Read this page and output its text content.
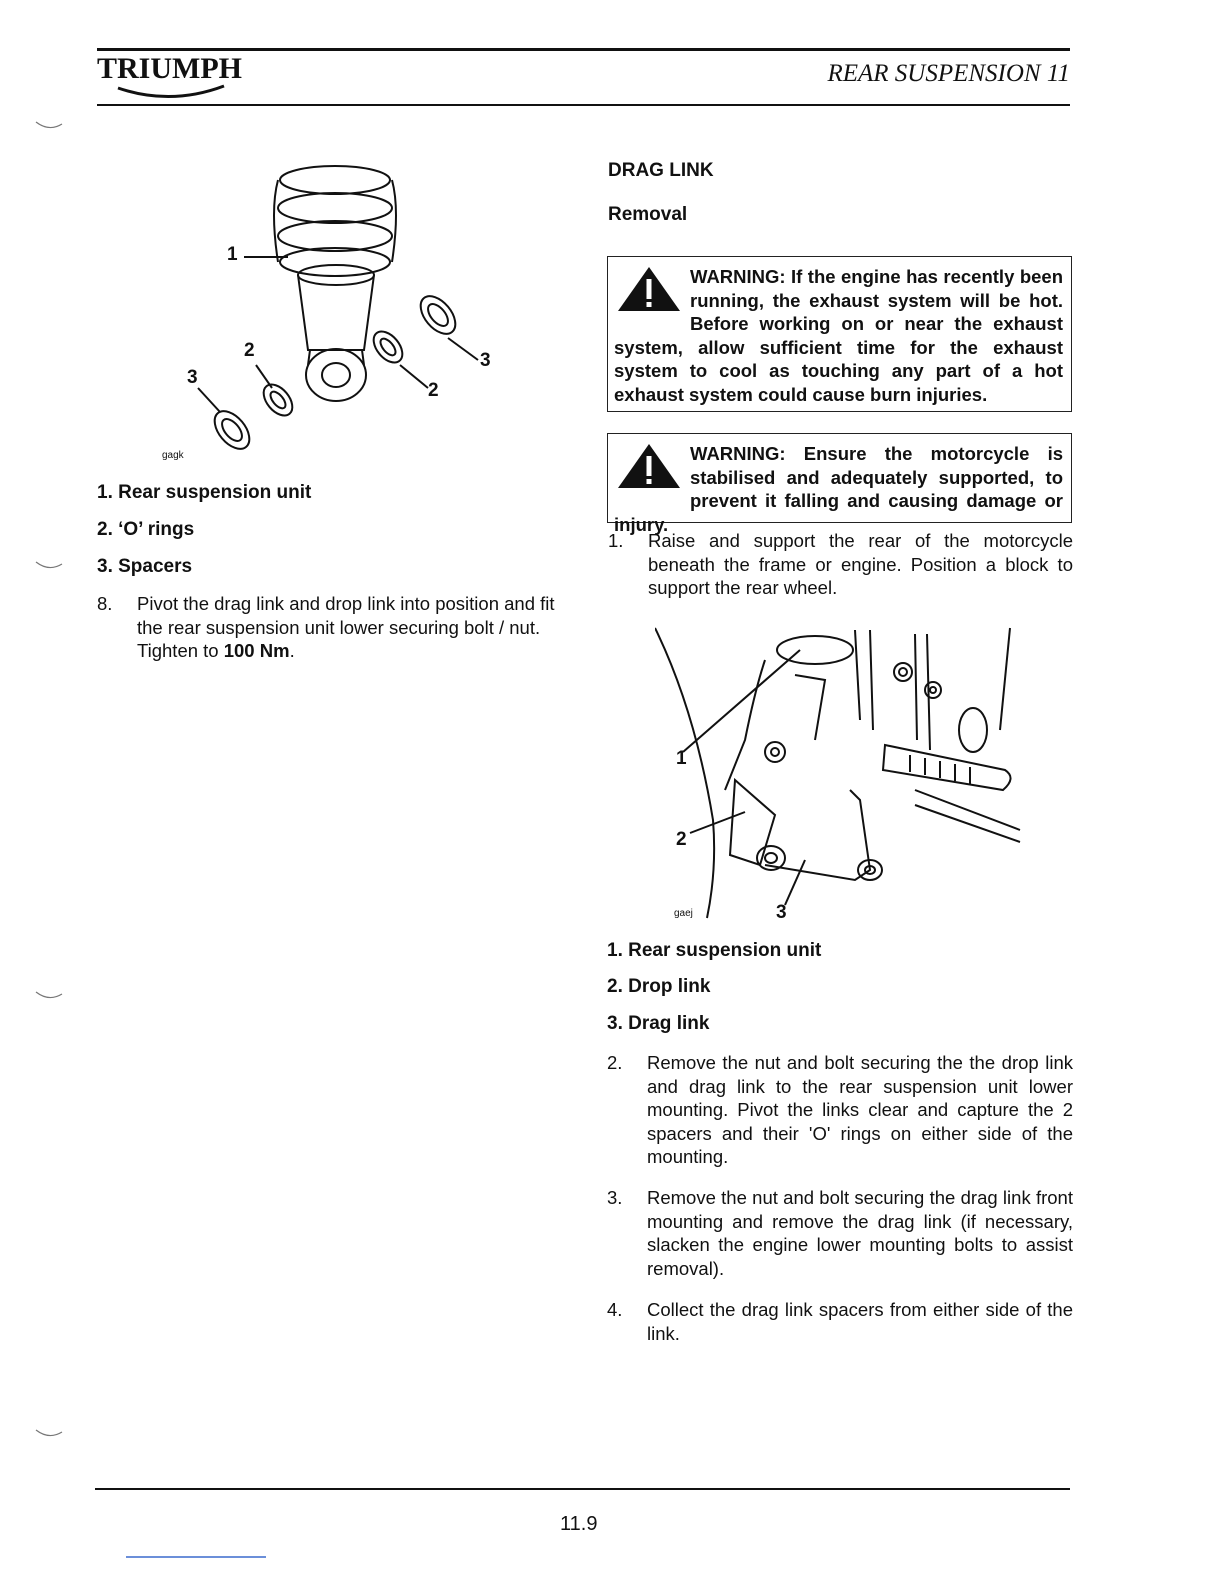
TRIUMPH	REAR SUSPENSION 11
1
2
3
3
2
gagk
1. Rear suspension unit
2. ‘O’ rings
3. Spacers
8. Pivot the drag link and drop link into position and fit the rear suspension unit lower securing bolt / nut. Tighten to 100 Nm.
DRAG LINK
Removal
WARNING: If the engine has recently been running, the exhaust system will be hot. Before working on or near the exhaust system, allow sufficient time for the exhaust system to cool as touching any part of a hot exhaust system could cause burn injuries.
WARNING: Ensure the motorcycle is stabilised and adequately supported, to prevent it falling and causing damage or injury.
1. Raise and support the rear of the motorcycle beneath the frame or engine. Position a block to support the rear wheel.
1
2
3
gaej
1. Rear suspension unit
2. Drop link
3. Drag link
2. Remove the nut and bolt securing the the drop link and drag link to the rear suspension unit lower mounting. Pivot the links clear and capture the 2 spacers and their 'O' rings on either side of the mounting.
3. Remove the nut and bolt securing the drag link front mounting and remove the drag link (if necessary, slacken the engine lower mounting bolts to assist removal).
4. Collect the drag link spacers from either side of the link.
11.9
